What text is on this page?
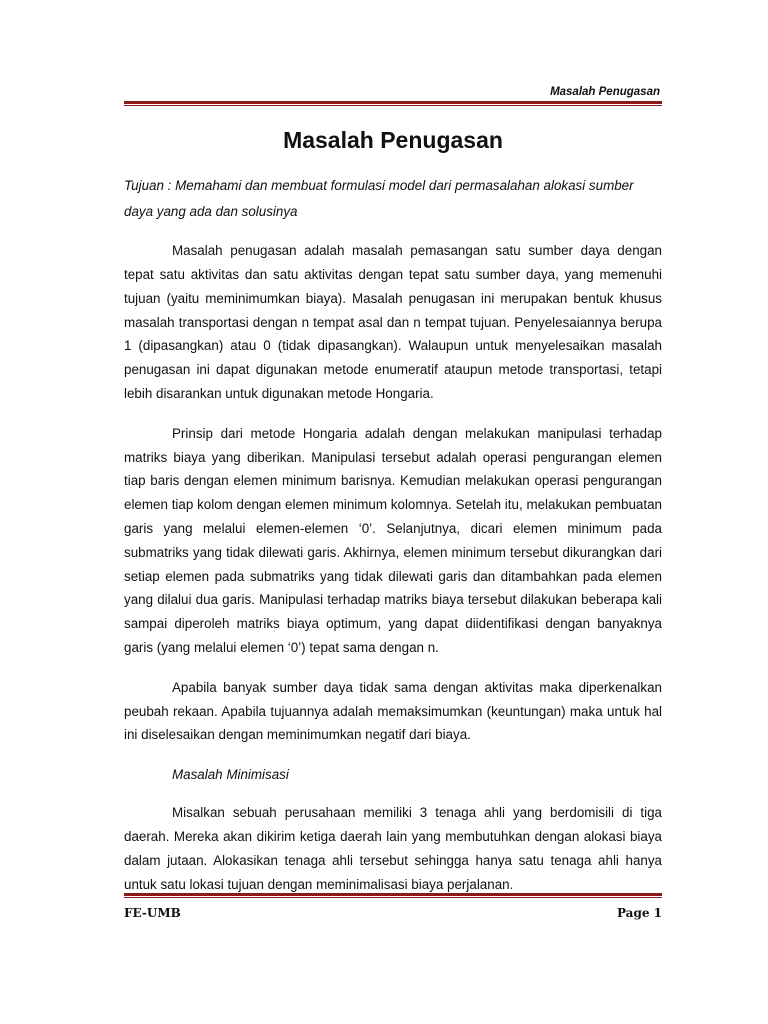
Masalah Penugasan
Masalah Penugasan
Tujuan : Memahami dan membuat formulasi model dari permasalahan alokasi sumber daya yang ada dan solusinya

Masalah penugasan adalah masalah pemasangan satu sumber daya dengan tepat satu aktivitas dan satu aktivitas dengan tepat satu sumber daya, yang memenuhi tujuan (yaitu meminimumkan biaya). Masalah penugasan ini merupakan bentuk khusus masalah transportasi dengan n tempat asal dan n tempat tujuan. Penyelesaiannya berupa 1 (dipasangkan) atau 0 (tidak dipasangkan). Walaupun untuk menyelesaikan masalah penugasan ini dapat digunakan metode enumeratif ataupun metode transportasi, tetapi lebih disarankan untuk digunakan metode Hongaria.

Prinsip dari metode Hongaria adalah dengan melakukan manipulasi terhadap matriks biaya yang diberikan. Manipulasi tersebut adalah operasi pengurangan elemen tiap baris dengan elemen minimum barisnya. Kemudian melakukan operasi pengurangan elemen tiap kolom dengan elemen minimum kolomnya. Setelah itu, melakukan pembuatan garis yang melalui elemen-elemen ‘0’. Selanjutnya, dicari elemen minimum pada submatriks yang tidak dilewati garis. Akhirnya, elemen minimum tersebut dikurangkan dari setiap elemen pada submatriks yang tidak dilewati garis dan ditambahkan pada elemen yang dilalui dua garis. Manipulasi terhadap matriks biaya tersebut dilakukan beberapa kali sampai diperoleh matriks biaya optimum, yang dapat diidentifikasi dengan banyaknya garis (yang melalui elemen ‘0’) tepat sama dengan n.

Apabila banyak sumber daya tidak sama dengan aktivitas maka diperkenalkan peubah rekaan. Apabila tujuannya adalah memaksimumkan (keuntungan) maka untuk hal ini diselesaikan dengan meminimumkan negatif dari biaya.

Masalah Minimisasi

Misalkan sebuah perusahaan memiliki 3 tenaga ahli yang berdomisili di tiga daerah. Mereka akan dikirim ketiga daerah lain yang membutuhkan dengan alokasi biaya dalam jutaan. Alokasikan tenaga ahli tersebut sehingga hanya satu tenaga ahli hanya untuk satu lokasi tujuan dengan meminimalisasi biaya perjalanan.

FE-UMB	Page 1
